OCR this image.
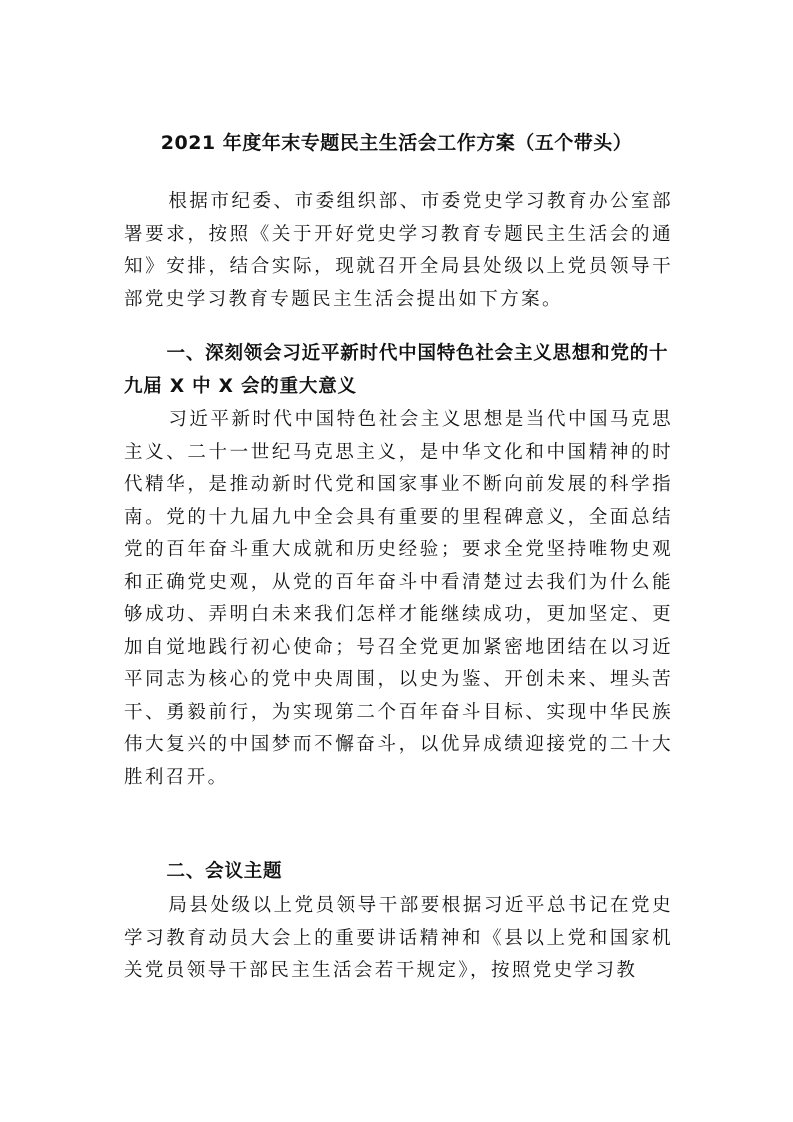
2021 年度年末专题民主生活会工作方案（五个带头）

根据市纪委、市委组织部、市委党史学习教育办公室部署要求，按照《关于开好党史学习教育专题民主生活会的通知》安排，结合实际，现就召开全局县处级以上党员领导干部党史学习教育专题民主生活会提出如下方案。

一、深刻领会习近平新时代中国特色社会主义思想和党的十九届 X 中 X 会的重大意义

习近平新时代中国特色社会主义思想是当代中国马克思主义、二十一世纪马克思主义，是中华文化和中国精神的时代精华，是推动新时代党和国家事业不断向前发展的科学指南。党的十九届九中全会具有重要的里程碑意义，全面总结党的百年奋斗重大成就和历史经验；要求全党坚持唯物史观和正确党史观，从党的百年奋斗中看清楚过去我们为什么能够成功、弄明白未来我们怎样才能继续成功，更加坚定、更加自觉地践行初心使命；号召全党更加紧密地团结在以习近平同志为核心的党中央周围，以史为鉴、开创未来、埋头苦干、勇毅前行，为实现第二个百年奋斗目标、实现中华民族伟大复兴的中国梦而不懈奋斗，以优异成绩迎接党的二十大胜利召开。

二、会议主题

局县处级以上党员领导干部要根据习近平总书记在党史学习教育动员大会上的重要讲话精神和《县以上党和国家机关党员领导干部民主生活会若干规定》，按照党史学习教
